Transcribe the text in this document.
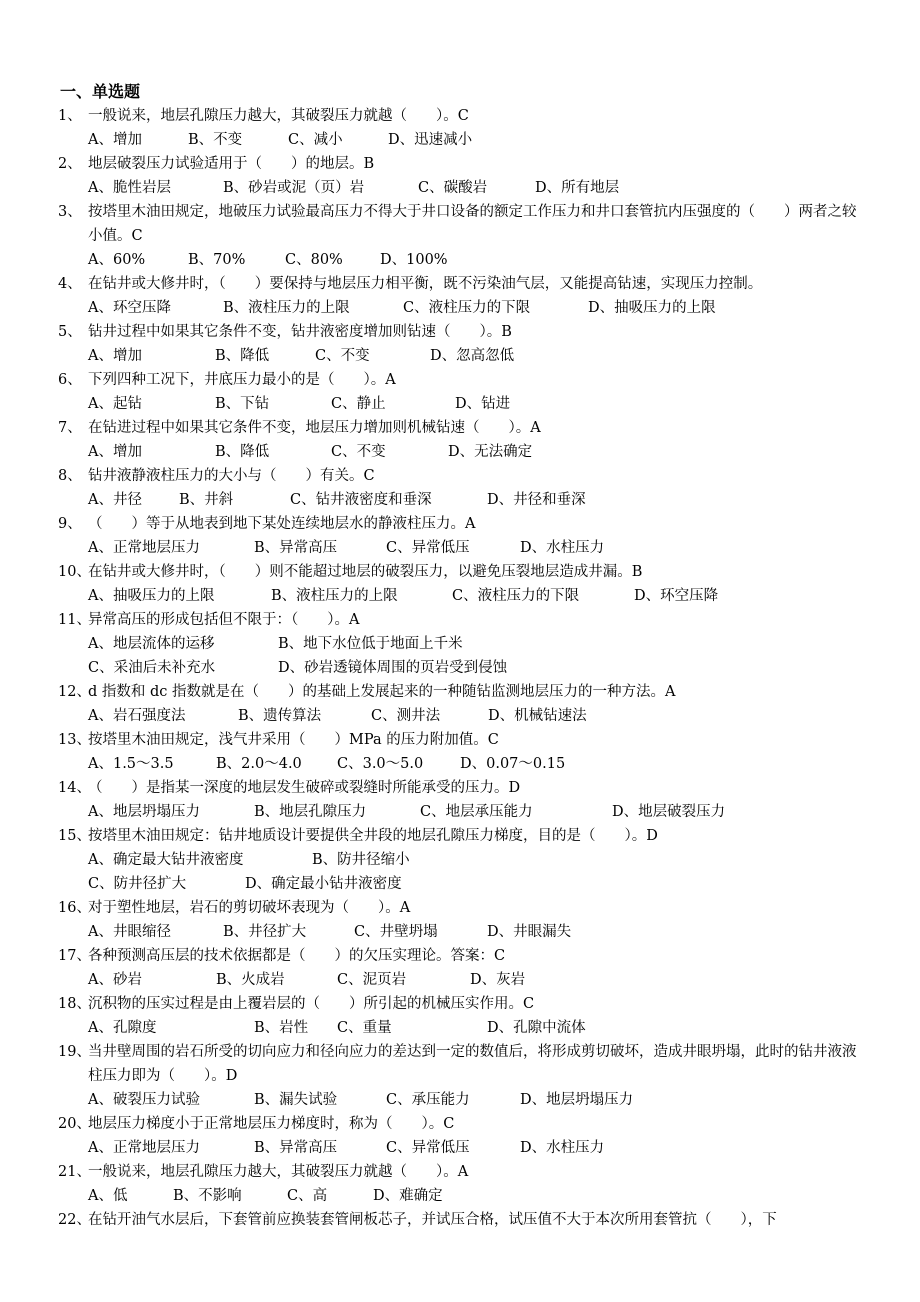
一、单选题
1、 一般说来，地层孔隙压力越大，其破裂压力就越（　　）。C
A、增加	B、不变	C、减小	D、迅速减小
2、 地层破裂压力试验适用于（　　）的地层。B
A、脆性岩层	B、砂岩或泥（页）岩	C、碳酸岩	D、所有地层
3、 按塔里木油田规定，地破压力试验最高压力不得大于井口设备的额定工作压力和井口套管抗内压强度的（　　）两者之较小值。C
A、60%	B、70%	C、80%	D、100%
4、 在钻井或大修井时，（　　）要保持与地层压力相平衡，既不污染油气层，又能提高钻速，实现压力控制。
A、环空压降	B、液柱压力的上限	C、液柱压力的下限	D、抽吸压力的上限
5、 钻井过程中如果其它条件不变，钻井液密度增加则钻速（　　）。B
A、增加	B、降低	C、不变	D、忽高忽低
6、 下列四种工况下，井底压力最小的是（　　）。A
A、起钻	B、下钻	C、静止	D、钻进
7、 在钻进过程中如果其它条件不变，地层压力增加则机械钻速（　　）。A
A、增加	B、降低	C、不变	D、无法确定
8、 钻井液静液柱压力的大小与（　　）有关。C
A、井径	B、井斜	C、钻井液密度和垂深	D、井径和垂深
9、 （　　）等于从地表到地下某处连续地层水的静液柱压力。A
A、正常地层压力	B、异常高压	C、异常低压	D、水柱压力
10、
在钻井或大修井时，（　　）则不能超过地层的破裂压力，以避免压裂地层造成井漏。B
A、抽吸压力的上限	B、液柱压力的上限	C、液柱压力的下限	D、环空压降
11、
异常高压的形成包括但不限于：（　　）。A
A、地层流体的运移	B、地下水位低于地面上千米
C、采油后未补充水	D、砂岩透镜体周围的页岩受到侵蚀
12、
d 指数和 dc 指数就是在（　　）的基础上发展起来的一种随钻监测地层压力的一种方法。A
A、岩石强度法	B、遗传算法	C、测井法	D、机械钻速法
13、
按塔里木油田规定，浅气井采用（　　）MPa 的压力附加值。C
A、1.5～3.5	B、2.0～4.0 C、3.0～5.0	D、0.07～0.15
14、
（　　）是指某一深度的地层发生破碎或裂缝时所能承受的压力。D
A、地层坍塌压力	B、地层孔隙压力	C、地层承压能力	D、地层破裂压力
15、
按塔里木油田规定：钻井地质设计要提供全井段的地层孔隙压力梯度，目的是（　　）。D
A、确定最大钻井液密度	B、防井径缩小
C、防井径扩大	D、确定最小钻井液密度
16、
对于塑性地层，岩石的剪切破坏表现为（　　）。A
A、井眼缩径	B、井径扩大	C、井壁坍塌	D、井眼漏失
17、
各种预测高压层的技术依据都是（　　）的欠压实理论。答案：C
A、砂岩	B、火成岩	C、泥页岩	D、灰岩
18、
沉积物的压实过程是由上覆岩层的（　　）所引起的机械压实作用。C
A、孔隙度	B、岩性 C、重量	D、孔隙中流体
19、
当井壁周围的岩石所受的切向应力和径向应力的差达到一定的数值后，将形成剪切破坏，造成井眼坍塌，此时的钻井液液柱压力即为（　　）。D
A、破裂压力试验	B、漏失试验	C、承压能力	D、地层坍塌压力
20、
地层压力梯度小于正常地层压力梯度时，称为（　　）。C
A、正常地层压力	B、异常高压	C、异常低压	D、水柱压力
21、
一般说来，地层孔隙压力越大，其破裂压力就越（　　）。A
A、低	B、不影响	C、高	D、难确定
22、
在钻开油气水层后，下套管前应换装套管闸板芯子，并试压合格，试压值不大于本次所用套管抗（　　），下
